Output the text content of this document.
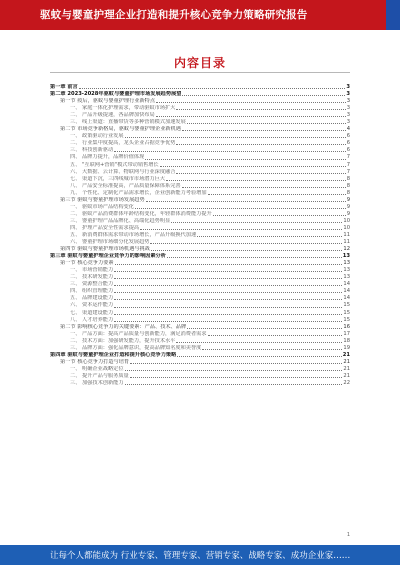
驱蚊与婴童护理企业打造和提升核心竞争力策略研究报告
内容目录
第一章 前言	3
第二章 2023-2028年驱蚊与婴童护理市场发展趋势展望	3
第一节 疫后，驱蚊与婴童护理行业新特点	3
一、 家庭一体化护理需求，带动驱蚊市场扩大	3
二、 产品升级提速，各品牌加快布局	3
三、 线上渠道：直播带货等多种营销模式加速发展	3
第二节 市场竞争新格局，驱蚊与婴童护理企业新机遇	4
一、 政策驱动行业发展	6
二、 行业集中度提高，龙头企业占据竞争优势	6
三、 科技创新驱动	6
四、 品牌力提升，品牌价值体现	7
五、 "互联网+营销"模式带动销售增长	7
六、 大数据、云计算、物联网与行业深度融合	7
七、 渠道下沉，三四线城市市场潜力巨大	8
八、 产品安全标准提高，产品质量保障体系完善	8
九、 个性化、定制化产品需求增长，企业创新能力考验增加	8
第三节 驱蚊与婴童护理市场发展趋势	9
一、 驱蚊市场产品结构变化	9
二、 驱蚊产品消费群体年龄结构变化，年轻群体消费能力提升	9
三、 婴童护理产品品牌化、高端化趋势明显	10
四、 护理产品安全性需求提高	10
五、 新消费群体需求带动市场增长，产品升级换代加速	11
六、 婴童护理市场细分化发展趋势	11
第四节 驱蚊与婴童护理市场机遇与挑战	12
第三章 驱蚊与婴童护理企业竞争力的影响因素分析	13
第一节 核心竞争力要素	13
一、 市场营销能力	13
二、 技术研发能力	13
三、 资源整合能力	14
四、 组织管理能力	14
五、 品牌建设能力	14
六、 资本运作能力	15
七、 渠道建设能力	15
八、 人才培养能力	15
第二节 影响核心竞争力的关键要素：产品、技术、品牌	16
一、 产品方面：提高产品质量与创新能力，满足消费者需求	17
二、 技术方面：加强研发能力，提升技术水平	18
三、 品牌方面：强化品牌意识，提高品牌知名度和美誉度	19
第四章 驱蚊与婴童护理企业打造和提升核心竞争力策略	21
第一节 核心竞争力打造与培育	21
一、 明确企业战略定位	21
二、 提升产品与服务质量	21
三、 加强技术创新能力	22
1
让每个人都能成为 行业专家、管理专家、营销专家、战略专家、成功企业家……
